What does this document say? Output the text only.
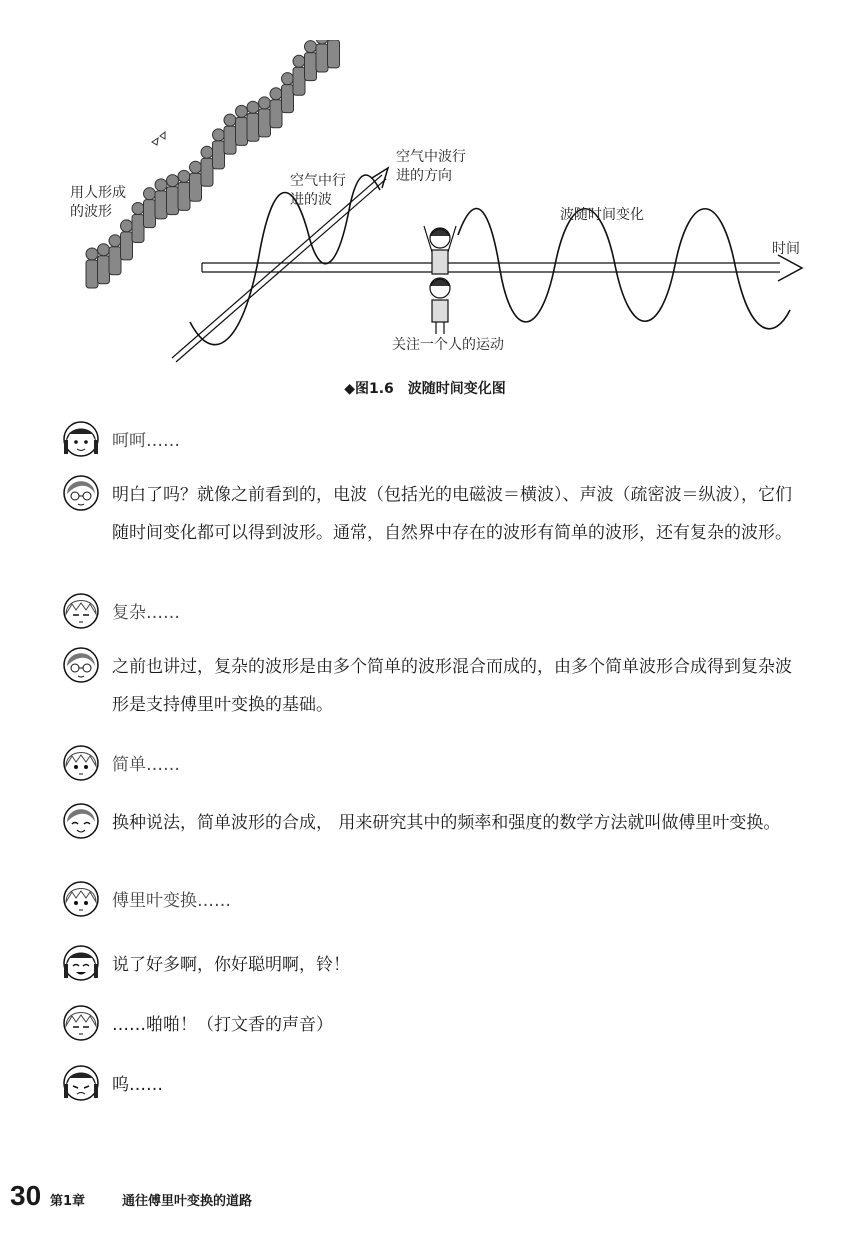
用人形成
的波形
空气中行
进的波
空气中波行
进的方向
波随时间变化
时间
关注一个人的运动
◆图1.6　波随时间变化图
呵呵……
明白了吗？就像之前看到的，电波（包括光的电磁波＝横波）、声波（疏密波＝纵波），它们随时间变化都可以得到波形。通常，自然界中存在的波形有简单的波形，还有复杂的波形。
复杂……
之前也讲过，复杂的波形是由多个简单的波形混合而成的，由多个简单波形合成得到复杂波形是支持傅里叶变换的基础。
简单……
换种说法，简单波形的合成， 用来研究其中的频率和强度的数学方法就叫做傅里叶变换。
傅里叶变换……
说了好多啊，你好聪明啊，铃！
……啪啪！（打文香的声音）
呜……
30 第1章	通往傅里叶变换的道路
